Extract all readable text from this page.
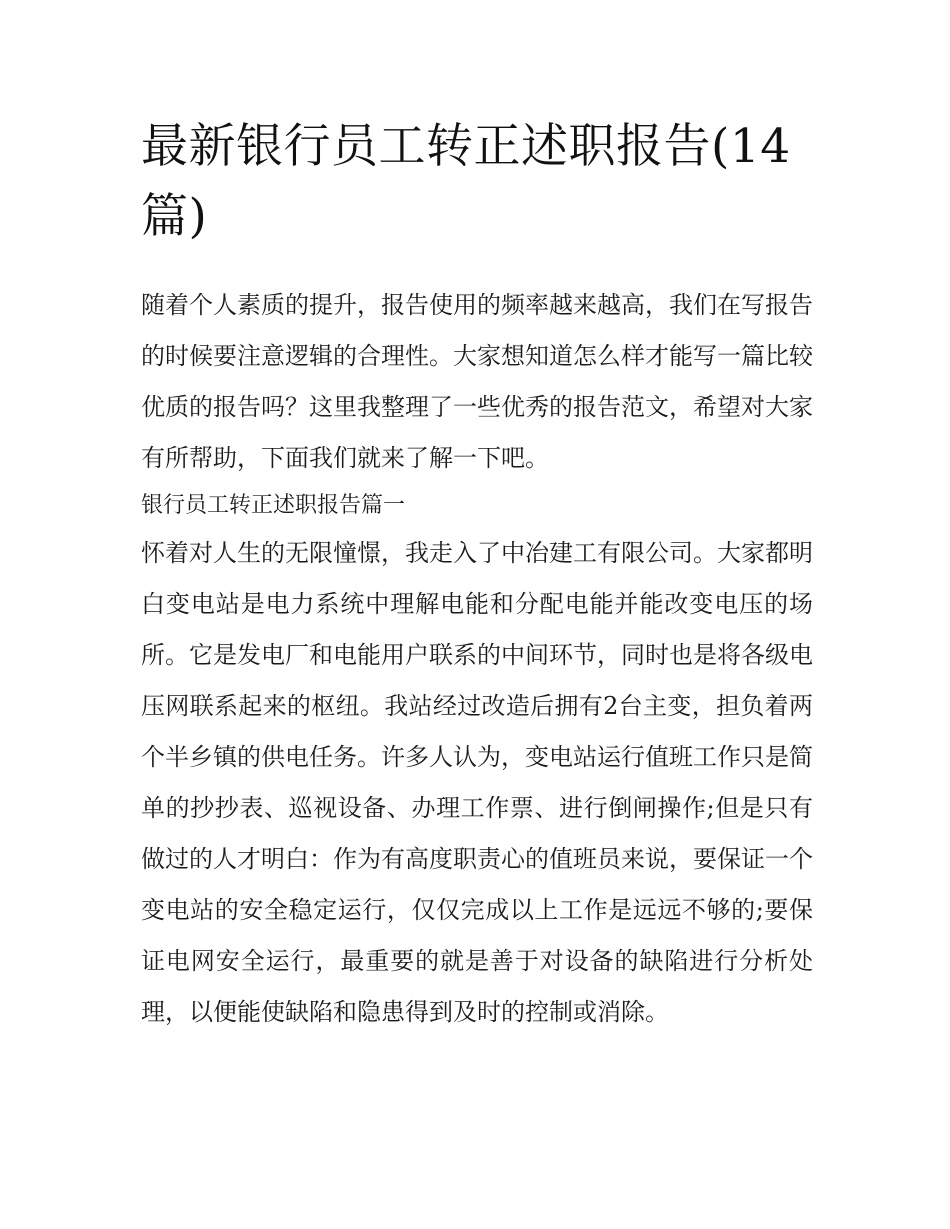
最新银行员工转正述职报告(14篇)

随着个人素质的提升，报告使用的频率越来越高，我们在写报告的时候要注意逻辑的合理性。大家想知道怎么样才能写一篇比较优质的报告吗？这里我整理了一些优秀的报告范文，希望对大家有所帮助，下面我们就来了解一下吧。

银行员工转正述职报告篇一

怀着对人生的无限憧憬，我走入了中冶建工有限公司。大家都明白变电站是电力系统中理解电能和分配电能并能改变电压的场所。它是发电厂和电能用户联系的中间环节，同时也是将各级电压网联系起来的枢纽。我站经过改造后拥有2台主变，担负着两个半乡镇的供电任务。许多人认为，变电站运行值班工作只是简单的抄抄表、巡视设备、办理工作票、进行倒闸操作;但是只有做过的人才明白：作为有高度职责心的值班员来说，要保证一个变电站的安全稳定运行，仅仅完成以上工作是远远不够的;要保证电网安全运行，最重要的就是善于对设备的缺陷进行分析处理，以便能使缺陷和隐患得到及时的控制或消除。
